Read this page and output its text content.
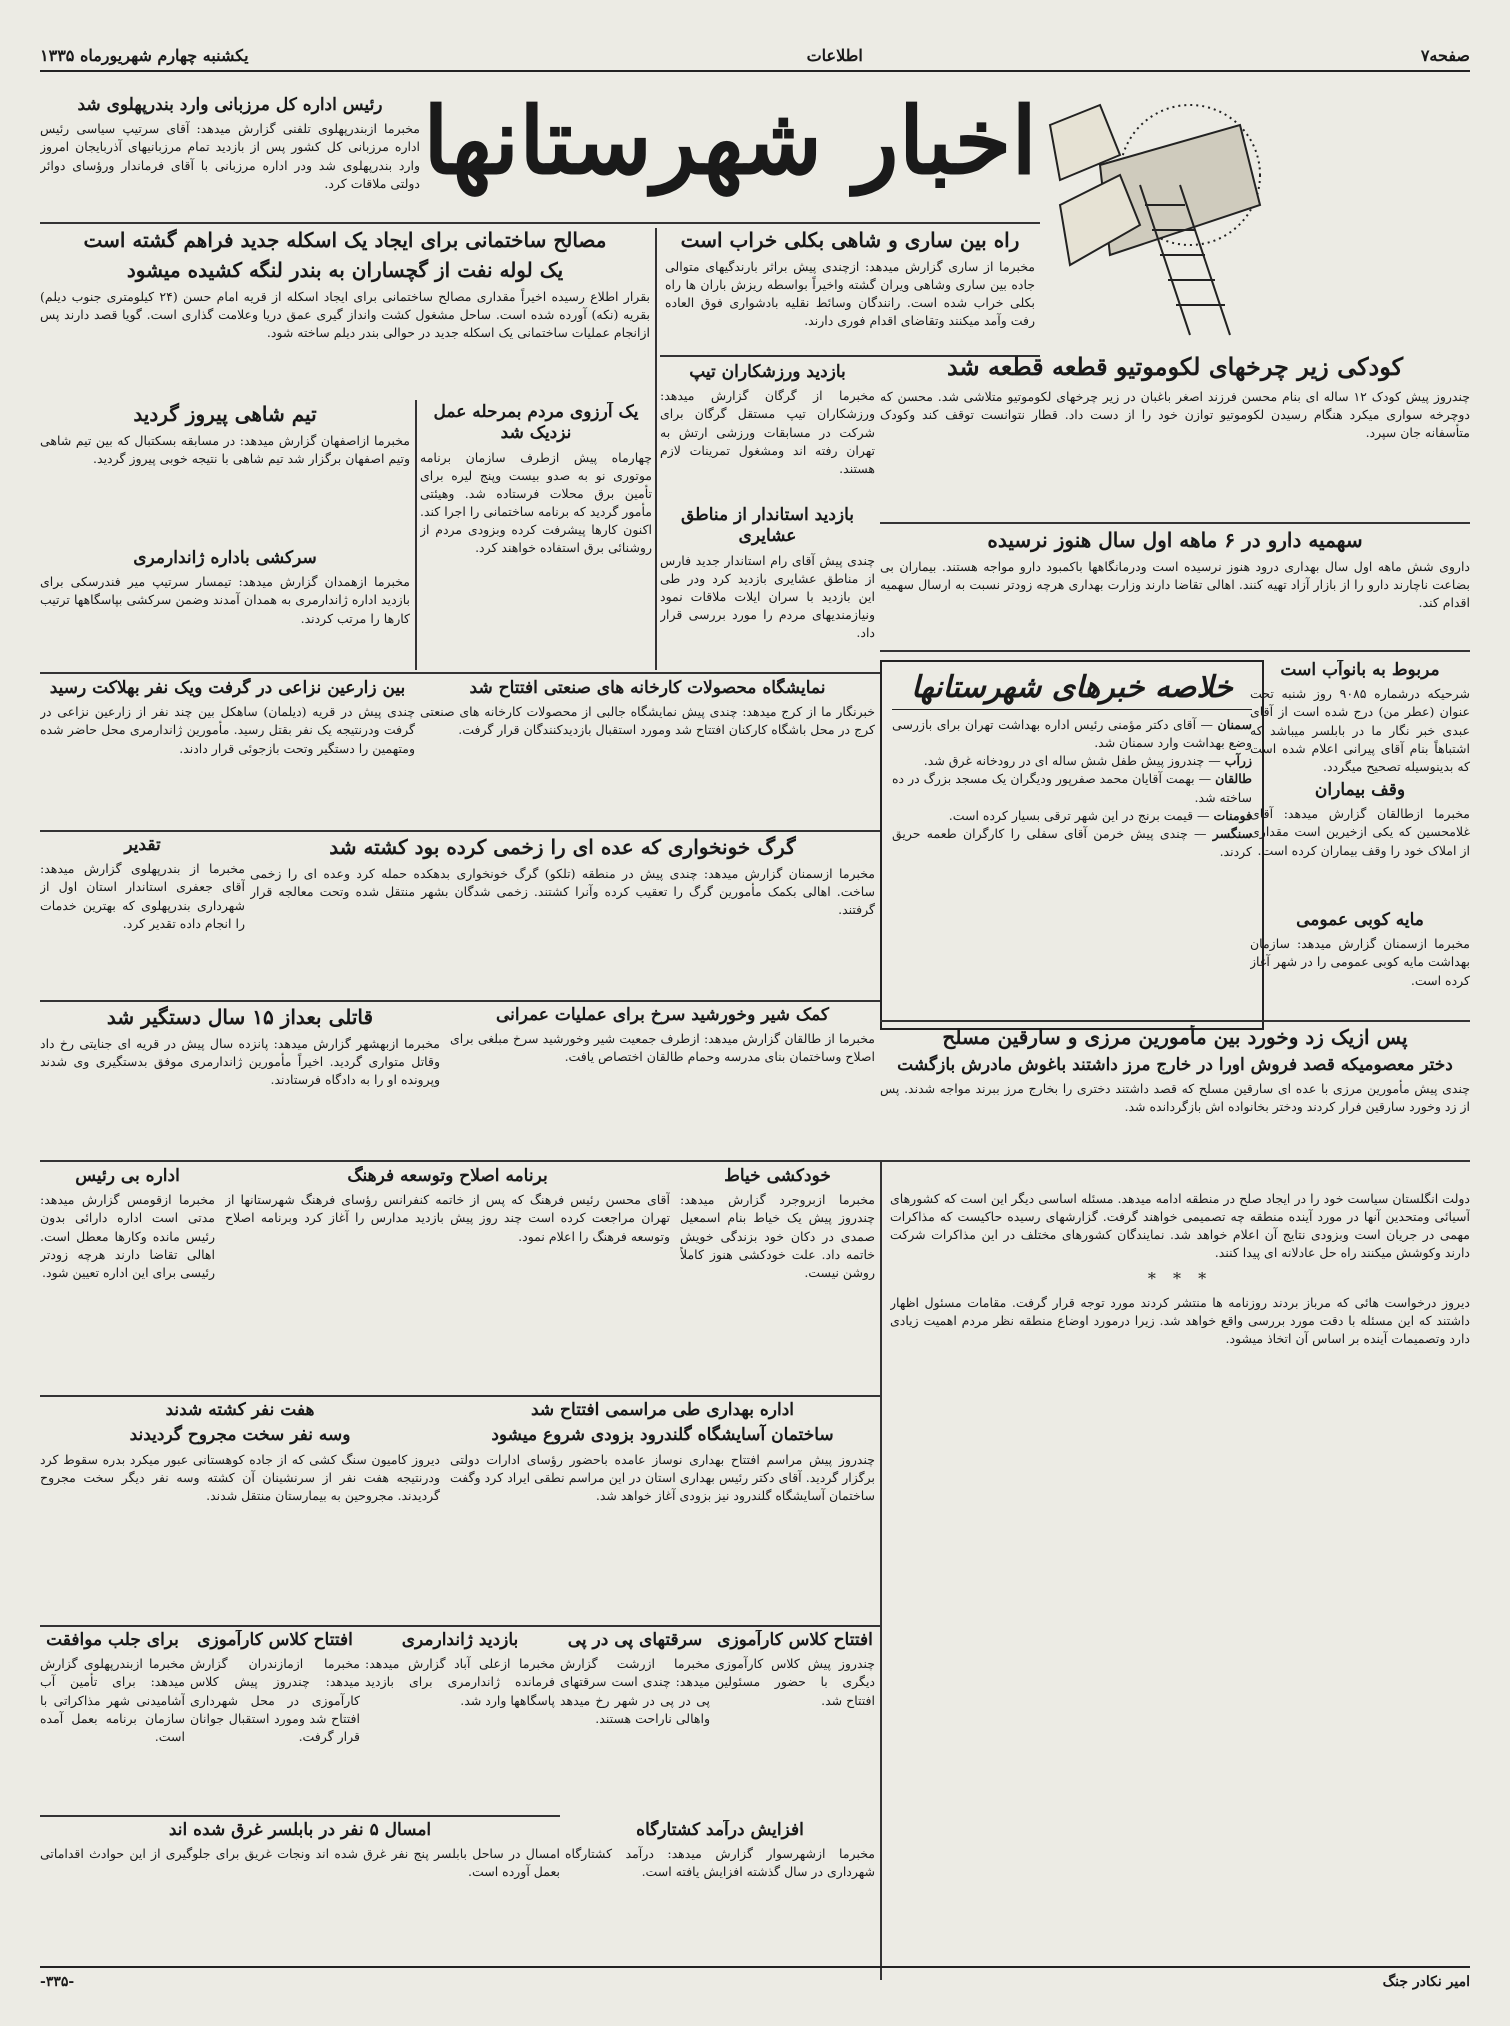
صفحه۷
اطلاعات
یکشنبه چهارم شهریورماه ۱۳۳۵
اخبار شهرستانها
رئیس اداره کل مرزبانی وارد بندرپهلوی شد

مخبرما ازبندرپهلوی تلفنی گزارش میدهد: آقای سرتیپ سیاسی رئیس اداره مرزبانی کل کشور پس از بازدید تمام مرزبانیهای آذربایجان امروز وارد بندرپهلوی شد ودر اداره مرزبانی با آقای فرماندار ورؤسای دوائر دولتی ملاقات کرد.

مصالح ساختمانی برای ایجاد یک اسکله جدید فراهم گشته است
یک لوله نفت از گچساران به بندر لنگه کشیده میشود

بقرار اطلاع رسیده اخیراً مقداری مصالح ساختمانی برای ایجاد اسکله از قریه امام حسن (۲۴ کیلومتری جنوب دیلم) بقریه (نکه) آورده شده است. ساحل مشغول کشت وانداز گیری عمق دریا وعلامت گذاری است. گویا قصد دارند پس ازانجام عملیات ساختمانی یک اسکله جدید در حوالی بندر دیلم ساخته شود.

راه بین ساری و شاهی بکلی خراب است

مخبرما از ساری گزارش میدهد: ازچندی پیش براثر بارندگیهای متوالی جاده بین ساری وشاهی ویران گشته واخیراً بواسطه ریزش باران ها راه بکلی خراب شده است. رانندگان وسائط نقلیه بادشواری فوق العاده رفت وآمد میکنند وتقاضای اقدام فوری دارند.

کودکی زیر چرخهای لکوموتیو قطعه قطعه شد

چندروز پیش کودک ۱۲ ساله ای بنام محسن فرزند اصغر باغبان در زیر چرخهای لکوموتیو متلاشی شد. محسن که دوچرخه سواری میکرد هنگام رسیدن لکوموتیو توازن خود را از دست داد. قطار نتوانست توقف کند وکودک متأسفانه جان سپرد.

بازدید ورزشکاران تیپ

مخبرما از گرگان گزارش میدهد: ورزشکاران تیپ مستقل گرگان برای شرکت در مسابقات ورزشی ارتش به تهران رفته اند ومشغول تمرینات لازم هستند.

تیم شاهی پیروز گردید

مخبرما ازاصفهان گزارش میدهد: در مسابقه بسکتبال که بین تیم شاهی وتیم اصفهان برگزار شد تیم شاهی با نتیجه خوبی پیروز گردید.

سرکشی باداره ژاندارمری

مخبرما ازهمدان گزارش میدهد: تیمسار سرتیپ میر فندرسکی برای بازدید اداره ژاندارمری به همدان آمدند وضمن سرکشی بپاسگاهها ترتیب کارها را مرتب کردند.

یک آرزوی مردم بمرحله عمل نزدیک شد

چهارماه پیش ازطرف سازمان برنامه موتوری نو به صدو بیست وپنج لیره برای تأمین برق محلات فرستاده شد. وهیئتی مأمور گردید که برنامه ساختمانی را اجرا کند. اکنون کارها پیشرفت کرده وبزودی مردم از روشنائی برق استفاده خواهند کرد.	سهمیه دارو در ۶ ماهه اول سال هنوز نرسیده

داروی شش ماهه اول سال بهداری درود هنوز نرسیده است ودرمانگاهها باکمبود دارو مواجه هستند. بیماران بی بضاعت ناچارند دارو را از بازار آزاد تهیه کنند. اهالی تقاضا دارند وزارت بهداری هرچه زودتر نسبت به ارسال سهمیه اقدام کند.

بازدید استاندار از مناطق عشایری

چندی پیش آقای رام استاندار جدید فارس از مناطق عشایری بازدید کرد ودر طی این بازدید با سران ایلات ملاقات نمود ونیازمندیهای مردم را مورد بررسی قرار داد.

خلاصه خبرهای شهرستانها

سمنان — آقای دکتر مؤمنی رئیس اداره بهداشت تهران برای بازرسی وضع بهداشت وارد سمنان شد.

زرآب — چندروز پیش طفل شش ساله ای در رودخانه غرق شد.

طالقان — بهمت آقایان محمد صفرپور ودیگران یک مسجد بزرگ در ده ساخته شد.

فومنات — قیمت برنج در این شهر ترقی بسیار کرده است.

سنگسر — چندی پیش خرمن آقای سفلی را کارگران طعمه حریق کردند.

مربوط به بانوآب است

شرحیکه درشماره ۹۰۸۵ روز شنبه تحت عنوان (عطر من) درج شده است از آقای عبدی خبر نگار ما در بابلسر میباشد که اشتباهاً بنام آقای پیرانی اعلام شده است که بدینوسیله تصحیح میگردد.

وقف بیماران

مخبرما ازطالقان گزارش میدهد: آقای غلامحسین که یکی ازخیرین است مقداری از املاک خود را وقف بیماران کرده است.

مایه کوبی عمومی

مخبرما ازسمنان گزارش میدهد: سازمان بهداشت مایه کوبی عمومی را در شهر آغاز کرده است.

نمایشگاه محصولات کارخانه های صنعتی افتتاح شد

خبرنگار ما از کرج میدهد: چندی پیش نمایشگاه جالبی از محصولات کارخانه های صنعتی کرج در محل باشگاه کارکنان افتتاح شد ومورد استقبال بازدیدکنندگان قرار گرفت.

بین زارعین نزاعی در گرفت ویک نفر بهلاکت رسید

چندی پیش در قریه (دیلمان) ساهکل بین چند نفر از زارعین نزاعی در گرفت ودرنتیجه یک نفر بقتل رسید. مأمورین ژاندارمری محل حاضر شده ومتهمین را دستگیر وتحت بازجوئی قرار دادند.

گرگ خونخواری که عده ای را زخمی کرده بود کشته شد

مخبرما ازسمنان گزارش میدهد: چندی پیش در منطقه (تلکو) گرگ خونخواری بدهکده حمله کرد وعده ای را زخمی ساخت. اهالی بکمک مأمورین گرگ را تعقیب کرده وآنرا کشتند. زخمی شدگان بشهر منتقل شده وتحت معالجه قرار گرفتند.

تقدیر

مخبرما از بندرپهلوی گزارش میدهد: آقای جعفری استاندار استان اول از شهرداری بندرپهلوی که بهترین خدمات را انجام داده تقدیر کرد.

قاتلی بعداز ۱۵ سال دستگیر شد

مخبرما ازبهشهر گزارش میدهد: پانزده سال پیش در قریه ای جنایتی رخ داد وقاتل متواری گردید. اخیراً مأمورین ژاندارمری موفق بدستگیری وی شدند وپرونده او را به دادگاه فرستادند.

کمک شیر وخورشید سرخ برای عملیات عمرانی

مخبرما از طالقان گزارش میدهد: ازطرف جمعیت شیر وخورشید سرخ مبلغی برای اصلاح وساختمان بنای مدرسه وحمام طالقان اختصاص یافت.

پس ازیک زد وخورد بین مأمورین مرزی و سارقین مسلح
دختر معصومیکه قصد فروش اورا در خارج مرز داشتند باغوش مادرش بازگشت

چندی پیش مأمورین مرزی با عده ای سارقین مسلح که قصد داشتند دختری را بخارج مرز ببرند مواجه شدند. پس از زد وخورد سارقین فرار کردند ودختر بخانواده اش بازگردانده شد.

اداره بی رئیس

مخبرما ازقومس گزارش میدهد: مدتی است اداره دارائی بدون رئیس مانده وکارها معطل است. اهالی تقاضا دارند هرچه زودتر رئیسی برای این اداره تعیین شود.

برنامه اصلاح وتوسعه فرهنگ

آقای محسن رئیس فرهنگ که پس از خاتمه کنفرانس رؤسای فرهنگ شهرستانها از تهران مراجعت کرده است چند روز پیش بازدید مدارس را آغاز کرد وبرنامه اصلاح وتوسعه فرهنگ را اعلام نمود.

خودکشی خیاط

مخبرما ازبروجرد گزارش میدهد: چندروز پیش یک خیاط بنام اسمعیل صمدی در دکان خود بزندگی خویش خاتمه داد. علت خودکشی هنوز کاملاً روشن نیست.

دولت انگلستان سیاست خود را در ایجاد صلح در منطقه ادامه میدهد. مسئله اساسی دیگر این است که کشورهای آسیائی ومتحدین آنها در مورد آینده منطقه چه تصمیمی خواهند گرفت. گزارشهای رسیده حاکیست که مذاکرات مهمی در جریان است وبزودی نتایج آن اعلام خواهد شد. نمایندگان کشورهای مختلف در این مذاکرات شرکت دارند وکوشش میکنند راه حل عادلانه ای پیدا کنند.

* * *

دیروز درخواست هائی که مرباز بردند روزنامه ها منتشر کردند مورد توجه قرار گرفت. مقامات مسئول اظهار داشتند که این مسئله با دقت مورد بررسی واقع خواهد شد. زیرا درمورد اوضاع منطقه نظر مردم اهمیت زیادی دارد وتصمیمات آینده بر اساس آن اتخاذ میشود.

هفت نفر کشته شدند
وسه نفر سخت مجروح گردیدند

دیروز کامیون سنگ کشی که از جاده کوهستانی عبور میکرد بدره سقوط کرد ودرنتیجه هفت نفر از سرنشینان آن کشته وسه نفر دیگر سخت مجروح گردیدند. مجروحین به بیمارستان منتقل شدند.

اداره بهداری طی مراسمی افتتاح شد
ساختمان آسایشگاه گلندرود بزودی شروع میشود

چندروز پیش مراسم افتتاح بهداری نوساز عامده باحضور رؤسای ادارات دولتی برگزار گردید. آقای دکتر رئیس بهداری استان در این مراسم نطقی ایراد کرد وگفت ساختمان آسایشگاه گلندرود نیز بزودی آغاز خواهد شد.

برای جلب موافقت

مخبرما ازبندرپهلوی گزارش میدهد: برای تأمین آب آشامیدنی شهر مذاکراتی با سازمان برنامه بعمل آمده است.

افتتاح کلاس کارآموزی

مخبرما ازمازندران گزارش میدهد: چندروز پیش کلاس کارآموزی در محل شهرداری افتتاح شد ومورد استقبال جوانان قرار گرفت.

بازدید ژاندارمری

مخبرما ازعلی آباد گزارش میدهد: فرمانده ژاندارمری برای بازدید پاسگاهها وارد شد.

سرقتهای پی در پی

مخبرما ازرشت گزارش میدهد: چندی است سرقتهای پی در پی در شهر رخ میدهد واهالی ناراحت هستند.

افتتاح کلاس کارآموزی

چندروز پیش کلاس کارآموزی دیگری با حضور مسئولین افتتاح شد.

امسال ۵ نفر در بابلسر غرق شده اند

امسال در ساحل بابلسر پنج نفر غرق شده اند ونجات غریق برای جلوگیری از این حوادث اقداماتی بعمل آورده است.

افزایش درآمد کشتارگاه

مخبرما ازشهرسوار گزارش میدهد: درآمد کشتارگاه شهرداری در سال گذشته افزایش یافته است.

امیر نکادر جنگ
-۳۳۵-
